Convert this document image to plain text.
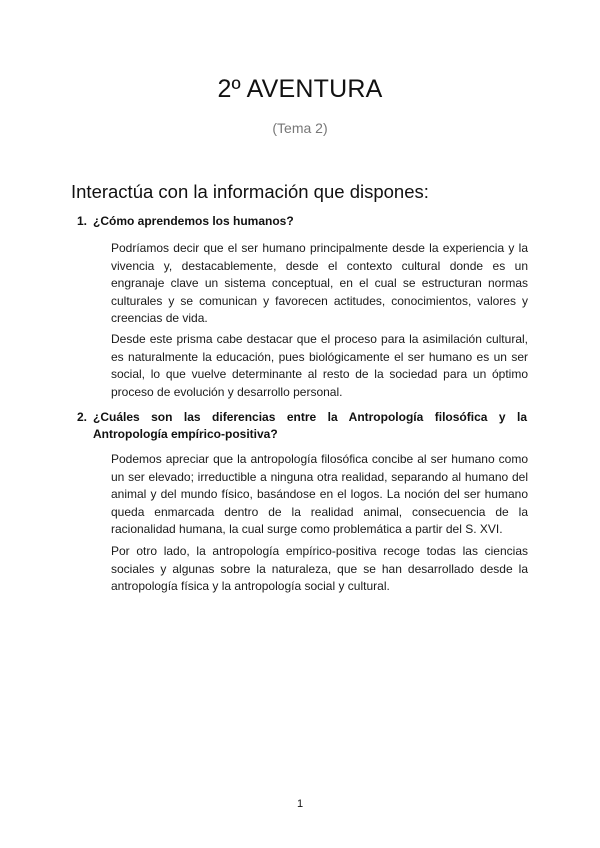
2º AVENTURA
(Tema 2)
Interactúa con la información que dispones:
1. ¿Cómo aprendemos los humanos?
Podríamos decir que el ser humano principalmente desde la experiencia y la vivencia y, destacablemente, desde el contexto cultural donde es un engranaje clave un sistema conceptual, en el cual se estructuran normas culturales y se comunican y favorecen actitudes, conocimientos, valores y creencias de vida.
Desde este prisma cabe destacar que el proceso para la asimilación cultural, es naturalmente la educación, pues biológicamente el ser humano es un ser social, lo que vuelve determinante al resto de la sociedad para un óptimo proceso de evolución y desarrollo personal.
2. ¿Cuáles son las diferencias entre la Antropología filosófica y la Antropología empírico-positiva?
Podemos apreciar que la antropología filosófica concibe al ser humano como un ser elevado; irreductible a ninguna otra realidad, separando al humano del animal y del mundo físico, basándose en el logos. La noción del ser humano queda enmarcada dentro de la realidad animal, consecuencia de la racionalidad humana, la cual surge como problemática a partir del S. XVI.
Por otro lado, la antropología empírico-positiva recoge todas las ciencias sociales y algunas sobre la naturaleza, que se han desarrollado desde la antropología física y la antropología social y cultural.
1
